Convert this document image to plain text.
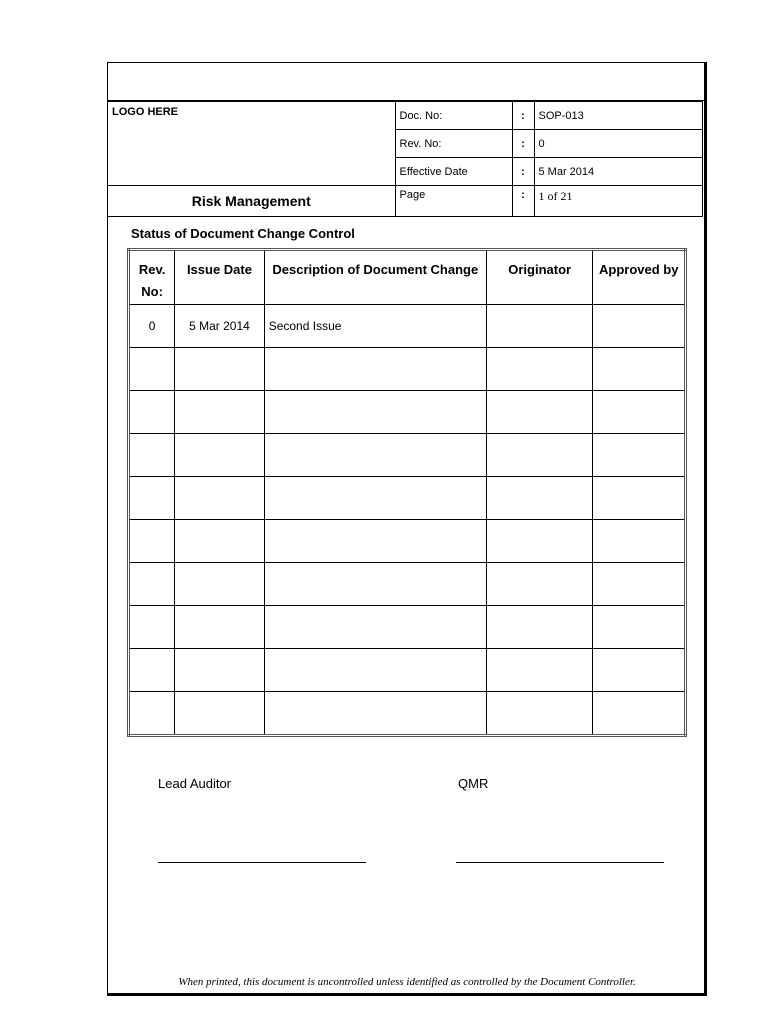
LOGO HERE	Doc. No:	:	SOP-013
	Rev. No:	:	0
	Effective Date	:	5 Mar 2014
Risk Management	Page	:	1 of 21
Status of Document Change Control
Rev. No:	Issue Date	Description of Document Change	Originator	Approved by
0	5 Mar 2014	Second Issue		

Lead Auditor	QMR
When printed, this document is uncontrolled unless identified as controlled by the Document Controller.
